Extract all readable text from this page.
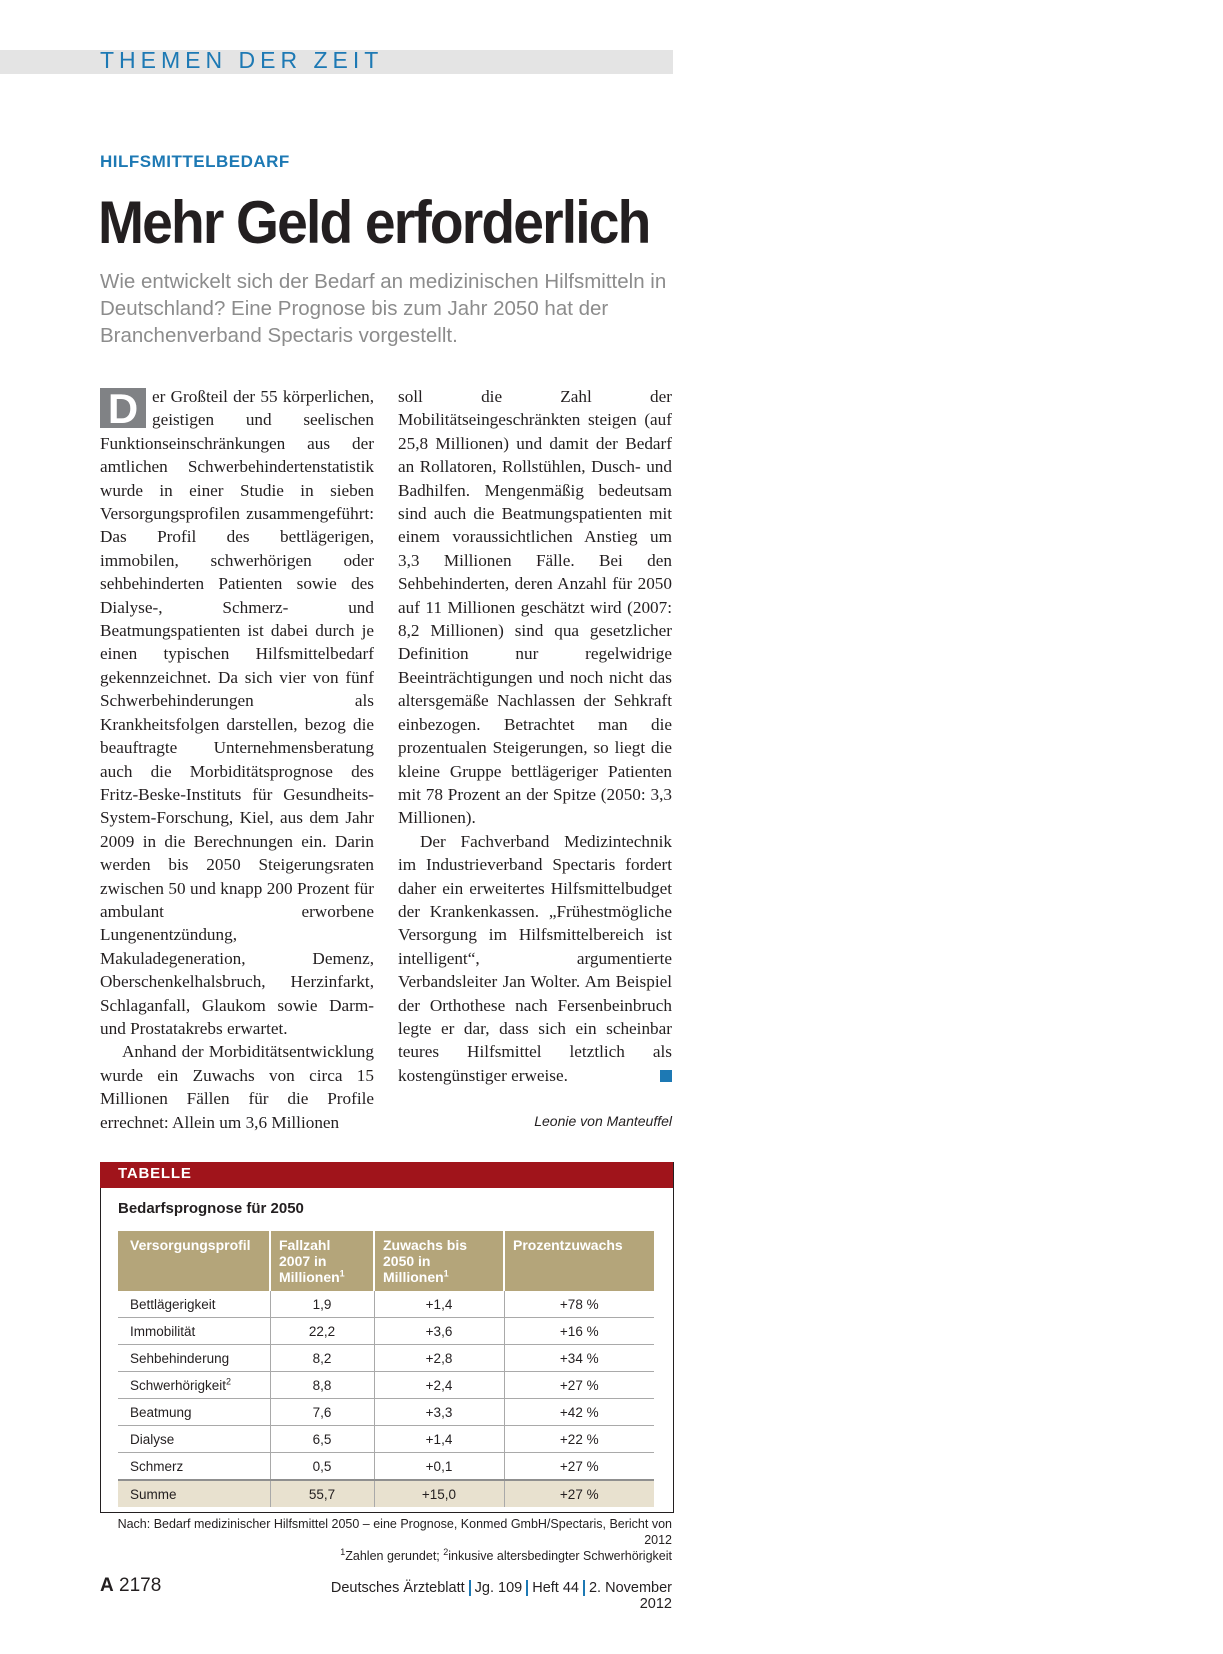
THEMEN DER ZEIT
HILFSMITTELBEDARF
Mehr Geld erforderlich

Wie entwickelt sich der Bedarf an medizinischen Hilfsmitteln in Deutschland? Eine Prognose bis zum Jahr 2050 hat der Branchenverband Spectaris vorgestellt.

D er Großteil der 55 körperlichen, geistigen und seelischen Funktionseinschränkungen aus der amtlichen Schwerbehindertenstatistik wurde in einer Studie in sieben Versorgungsprofilen zusammengeführt: Das Profil des bettlägerigen, immobilen, schwerhörigen oder sehbehinderten Patienten sowie des Dialyse-, Schmerz- und Beatmungspatienten ist dabei durch je einen typischen Hilfsmittelbedarf gekennzeichnet. Da sich vier von fünf Schwerbehinderungen als Krankheitsfolgen darstellen, bezog die beauftragte Unternehmensberatung auch die Morbiditätsprognose des Fritz-Beske-Instituts für Gesundheits-System-Forschung, Kiel, aus dem Jahr 2009 in die Berechnungen ein. Darin werden bis 2050 Steigerungsraten zwischen 50 und knapp 200 Prozent für ambulant erworbene Lungenentzündung, Makuladegeneration, Demenz, Oberschenkelhalsbruch, Herzinfarkt, Schlaganfall, Glaukom sowie Darm- und Prostatakrebs erwartet.

Anhand der Morbiditätsentwicklung wurde ein Zuwachs von circa 15 Millionen Fällen für die Profile errechnet: Allein um 3,6 Millionen

soll die Zahl der Mobilitätseingeschränkten steigen (auf 25,8 Millionen) und damit der Bedarf an Rollatoren, Rollstühlen, Dusch- und Badhilfen. Mengenmäßig bedeutsam sind auch die Beatmungspatienten mit einem voraussichtlichen Anstieg um 3,3 Millionen Fälle. Bei den Sehbehinderten, deren Anzahl für 2050 auf 11 Millionen geschätzt wird (2007: 8,2 Millionen) sind qua gesetzlicher Definition nur regelwidrige Beeinträchtigungen und noch nicht das altersgemäße Nachlassen der Sehkraft einbezogen. Betrachtet man die prozentualen Steigerungen, so liegt die kleine Gruppe bettlägeriger Patienten mit 78 Prozent an der Spitze (2050: 3,3 Millionen).

Der Fachverband Medizintechnik im Industrieverband Spectaris fordert daher ein erweitertes Hilfsmittelbudget der Krankenkassen. „Frühestmögliche Versorgung im Hilfsmittelbereich ist intelligent“, argumentierte Verbandsleiter Jan Wolter. Am Beispiel der Orthothese nach Fersenbeinbruch legte er dar, dass sich ein scheinbar teures Hilfsmittel letztlich als kostengünstiger erweise.

Leonie von Manteuffel
TABELLE
Bedarfsprognose für 2050
Versorgungsprofil	Fallzahl 2007 in Millionen$^1$	Zuwachs bis 2050 in Millionen$^1$	Prozentzuwachs
Bettlägerigkeit	1,9	+1,4	+78 %
Immobilität	22,2	+3,6	+16 %
Sehbehinderung	8,2	+2,8	+34 %
Schwerhörigkeit$^2$	8,8	+2,4	+27 %
Beatmung	7,6	+3,3	+42 %
Dialyse	6,5	+1,4	+22 %
Schmerz	0,5	+0,1	+27 %
Summe	55,7	+15,0	+27 %
Nach: Bedarf medizinischer Hilfsmittel 2050 – eine Prognose, Konmed GmbH/Spectaris, Bericht von 2012
$^1$Zahlen gerundet; $^2$inkusive altersbedingter Schwerhörigkeit
A 2178	Deutsches Ärzteblatt Jg. 109 Heft 44 2. November 2012
